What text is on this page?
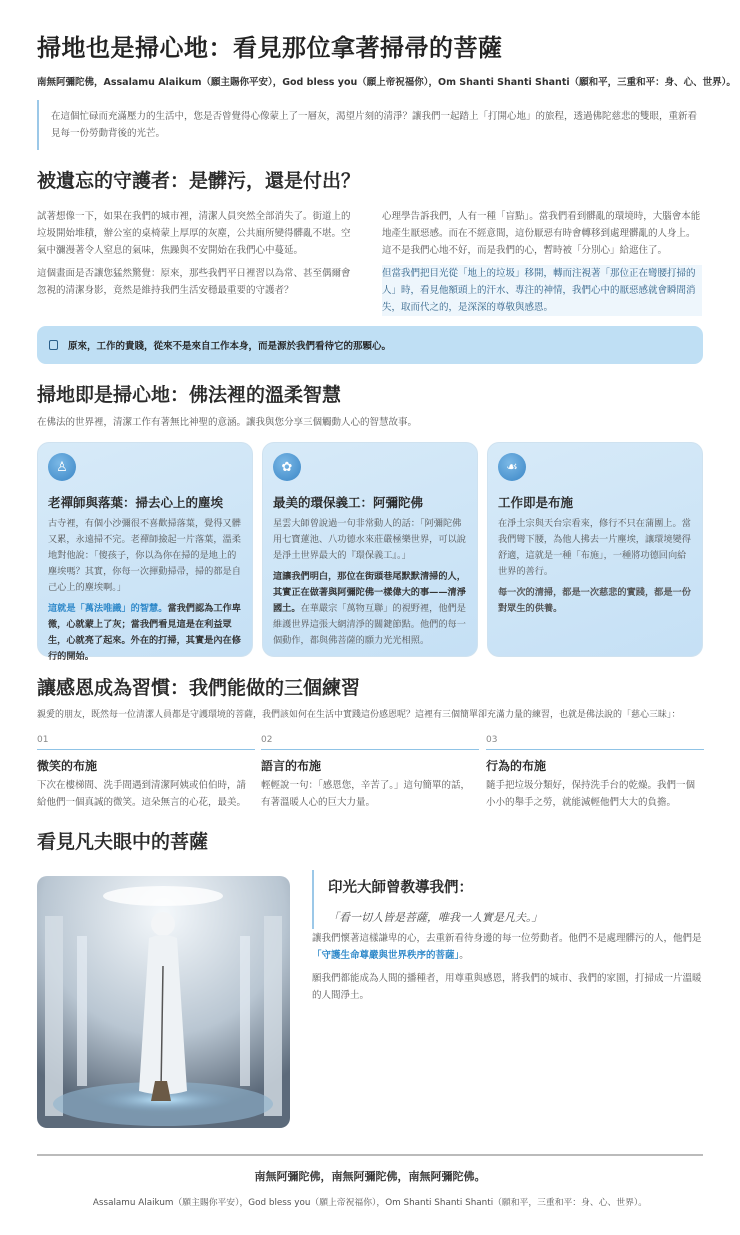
掃地也是掃心地：看見那位拿著掃帚的菩薩
南無阿彌陀佛，Assalamu Alaikum（願主賜你平安），God bless you（願上帝祝福你），Om Shanti Shanti Shanti（願和平，三重和平：身、心、世界）。
在這個忙碌而充滿壓力的生活中，您是否曾覺得心像蒙上了一層灰，渴望片刻的清淨？讓我們一起踏上「打開心地」的旅程，透過佛陀慈悲的雙眼，重新看見每一份勞動背後的光芒。
被遺忘的守護者：是髒污，還是付出？

試著想像一下，如果在我們的城市裡，清潔人員突然全部消失了。街道上的垃圾開始堆積，辦公室的桌椅蒙上厚厚的灰塵，公共廁所變得髒亂不堪。空氣中瀰漫著令人窒息的氣味，焦躁與不安開始在我們心中蔓延。

這個畫面是否讓您猛然驚覺：原來，那些我們平日裡習以為常、甚至偶爾會忽視的清潔身影，竟然是維持我們生活安穩最重要的守護者？

心理學告訴我們，人有一種「盲點」。當我們看到髒亂的環境時，大腦會本能地產生厭惡感。而在不經意間，這份厭惡有時會轉移到處理髒亂的人身上。這不是我們心地不好，而是我們的心，暫時被「分別心」給遮住了。

但當我們把目光從「地上的垃圾」移開，轉而注視著「那位正在彎腰打掃的人」時，看見他額頭上的汗水、專注的神情，我們心中的厭惡感就會瞬間消失，取而代之的，是深深的尊敬與感恩。

原來，工作的貴賤，從來不是來自工作本身，而是源於我們看待它的那顆心。
掃地即是掃心地：佛法裡的溫柔智慧

在佛法的世界裡，清潔工作有著無比神聖的意涵。讓我與您分享三個觸動人心的智慧故事。

♙
老禪師與落葉：掃去心上的塵埃

古寺裡，有個小沙彌很不喜歡掃落葉，覺得又髒又累，永遠掃不完。老禪師撿起一片落葉，溫柔地對他說：「傻孩子，你以為你在掃的是地上的塵埃嗎？其實，你每一次揮動掃帚，掃的都是自己心上的塵埃啊。」

這就是「萬法唯識」的智慧。當我們認為工作卑微，心就蒙上了灰；當我們看見這是在利益眾生，心就亮了起來。外在的打掃，其實是內在修行的開始。

✿
最美的環保義工：阿彌陀佛

星雲大師曾說過一句非常動人的話：「阿彌陀佛用七寶蓮池、八功德水來莊嚴極樂世界，可以說是淨土世界最大的『環保義工』。」

這讓我們明白，那位在街頭巷尾默默清掃的人，其實正在做著與阿彌陀佛一樣偉大的事——清淨國土。在華嚴宗「萬物互聯」的視野裡，他們是維護世界這張大網清淨的關鍵節點。他們的每一個動作，都與佛菩薩的願力光光相照。

☙
工作即是布施

在淨土宗與天台宗看來，修行不只在蒲團上。當我們彎下腰，為他人拂去一片塵埃，讓環境變得舒適，這就是一種「布施」，一種將功德回向給世界的善行。

每一次的清掃，都是一次慈悲的實踐，都是一份對眾生的供養。

讓感恩成為習慣：我們能做的三個練習

親愛的朋友，既然每一位清潔人員都是守護環境的菩薩，我們該如何在生活中實踐這份感恩呢？這裡有三個簡單卻充滿力量的練習，也就是佛法說的「慈心三昧」：

01
微笑的布施

下次在樓梯間、洗手間遇到清潔阿姨或伯伯時，請給他們一個真誠的微笑。這朵無言的心花，最美。

02
語言的布施

輕輕說一句：「感恩您，辛苦了。」這句簡單的話，有著溫暖人心的巨大力量。

03
行為的布施

隨手把垃圾分類好，保持洗手台的乾燥。我們一個小小的舉手之勞，就能減輕他們大大的負擔。

看見凡夫眼中的菩薩
印光大師曾教導我們：

「看一切人皆是菩薩，唯我一人實是凡夫。」

讓我們懷著這樣謙卑的心，去重新看待身邊的每一位勞動者。他們不是處理髒污的人，他們是「守護生命尊嚴與世界秩序的菩薩」。

願我們都能成為人間的播種者，用尊重與感恩，將我們的城市、我們的家園，打掃成一片溫暖的人間淨土。

南無阿彌陀佛，南無阿彌陀佛，南無阿彌陀佛。
Assalamu Alaikum（願主賜你平安），God bless you（願上帝祝福你），Om Shanti Shanti Shanti（願和平，三重和平：身、心、世界）。
